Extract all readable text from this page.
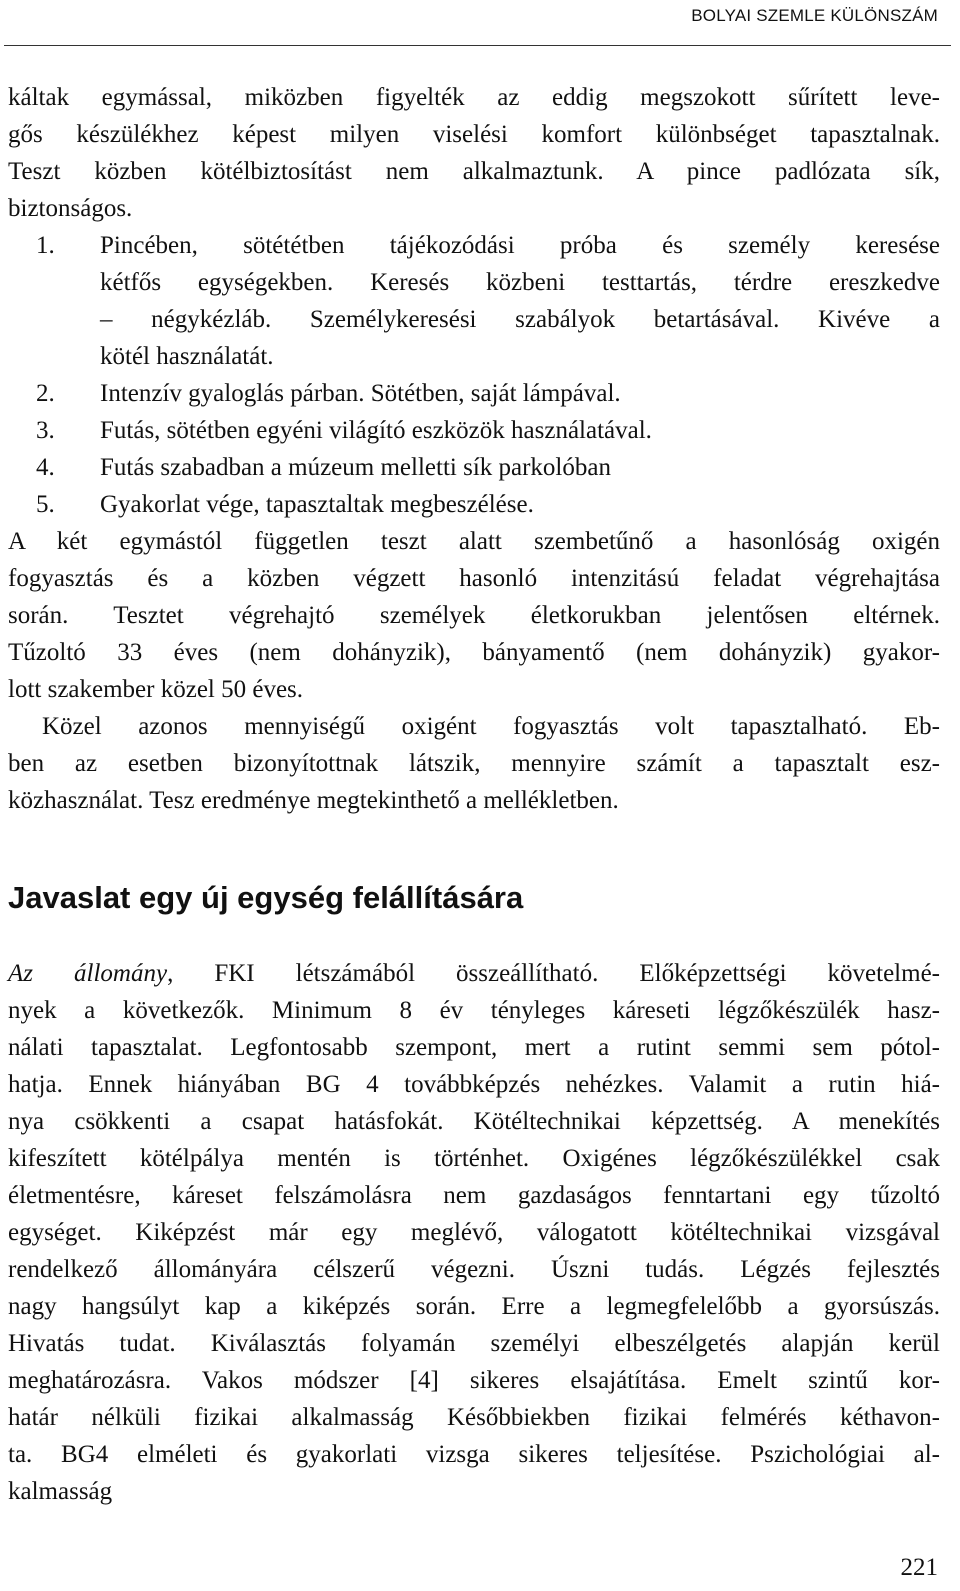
BOLYAI SZEMLE KÜLÖNSZÁM
káltak egymással, miközben figyelték az eddig megszokott sűrített leve-
gős készülékhez képest milyen viselési komfort különbséget tapasztalnak.
Teszt közben kötélbiztosítást nem alkalmaztunk. A pince padlózata sík,
biztonságos.
1.	Pincében, sötététben tájékozódási próba és személy keresése
kétfős egységekben. Keresés közbeni testtartás, térdre ereszkedve
– négykézláb. Személykeresési szabályok betartásával. Kivéve a
kötél használatát.
2.	Intenzív gyaloglás párban. Sötétben, saját lámpával.
3.	Futás, sötétben egyéni világító eszközök használatával.
4.	Futás szabadban a múzeum melletti sík parkolóban
5.	Gyakorlat vége, tapasztaltak megbeszélése.
A két egymástól független teszt alatt szembetűnő a hasonlóság oxigén
fogyasztás és a közben végzett hasonló intenzitású feladat végrehajtása
során. Tesztet végrehajtó személyek életkorukban jelentősen eltérnek.
Tűzoltó 33 éves (nem dohányzik), bányamentő (nem dohányzik) gyakor-
lott szakember közel 50 éves.
Közel azonos mennyiségű oxigént fogyasztás volt tapasztalható. Eb-
ben az esetben bizonyítottnak látszik, mennyire számít a tapasztalt esz-
közhasználat. Tesz eredménye megtekinthető a mellékletben.
Javaslat egy új egység felállítására
Az állomány, FKI létszámából összeállítható. Előképzettségi követelmé-
nyek a következők. Minimum 8 év tényleges káreseti légzőkészülék hasz-
nálati tapasztalat. Legfontosabb szempont, mert a rutint semmi sem pótol-
hatja. Ennek hiányában BG 4 továbbképzés nehézkes. Valamit a rutin hiá-
nya csökkenti a csapat hatásfokát. Kötéltechnikai képzettség. A menekítés
kifeszített kötélpálya mentén is történhet. Oxigénes légzőkészülékkel csak
életmentésre, káreset felszámolásra nem gazdaságos fenntartani egy tűzoltó
egységet. Kiképzést már egy meglévő, válogatott kötéltechnikai vizsgával
rendelkező állományára célszerű végezni. Úszni tudás. Légzés fejlesztés
nagy hangsúlyt kap a kiképzés során. Erre a legmegfelelőbb a gyorsúszás.
Hivatás tudat. Kiválasztás folyamán személyi elbeszélgetés alapján kerül
meghatározásra. Vakos módszer [4] sikeres elsajátítása. Emelt szintű kor-
határ nélküli fizikai alkalmasság Későbbiekben fizikai felmérés kéthavon-
ta. BG4 elméleti és gyakorlati vizsga sikeres teljesítése. Pszichológiai al-
kalmasság
221
